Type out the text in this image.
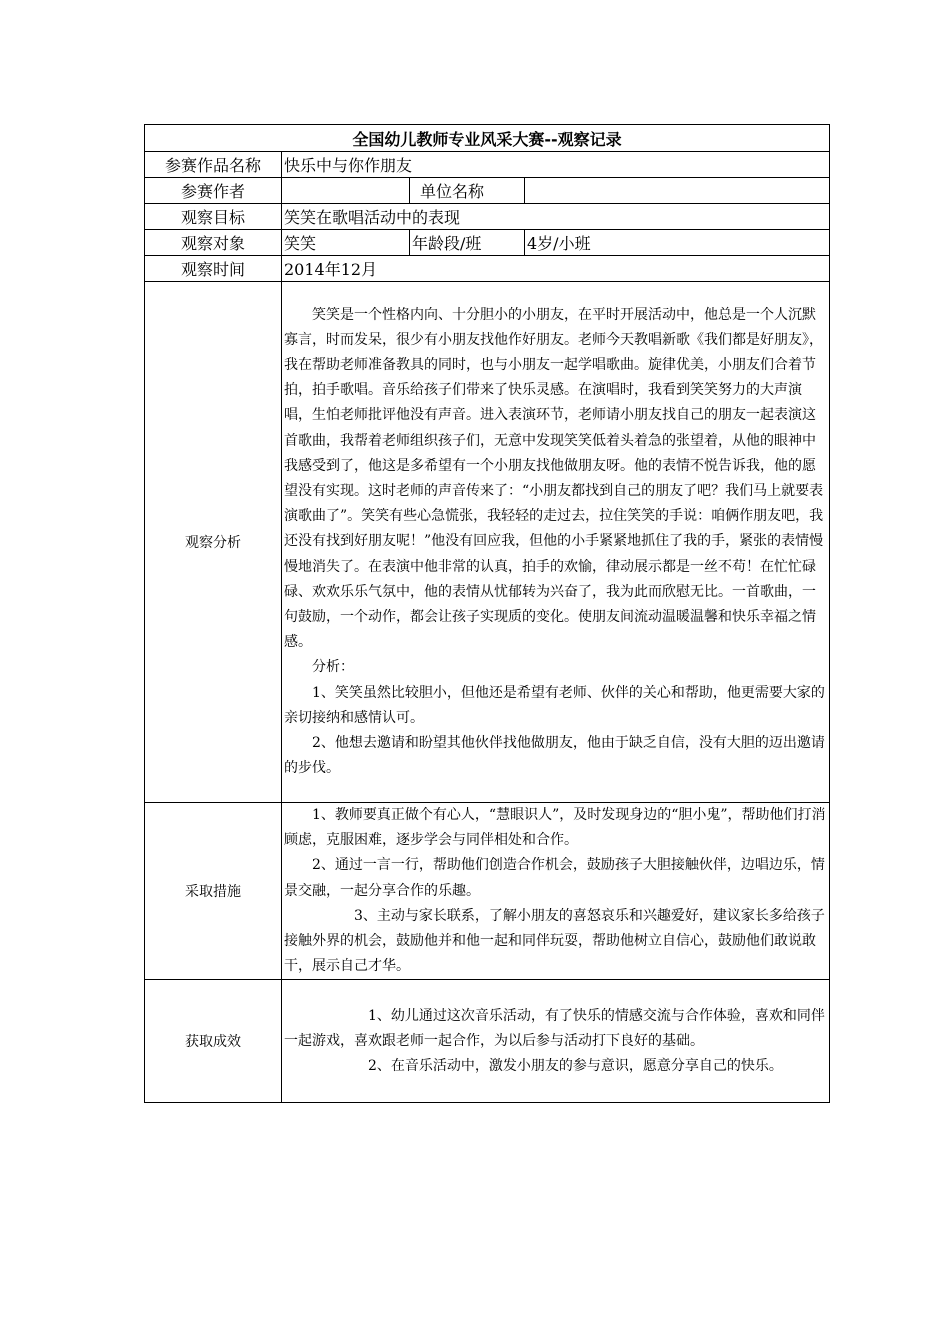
全国幼儿教师专业风采大赛--观察记录			
参赛作品名称	快乐中与你作朋友		
参赛作者		单位名称	
观察目标	笑笑在歌唱活动中的表现		
观察对象	笑笑	年龄段/班	4岁/小班
观察时间	2014年12月		
观察分析	笑笑是一个性格内向、十分胆小的小朋友，在平时开展活动中，他总是一个人沉默寡言，时而发呆，很少有小朋友找他作好朋友。老师今天教唱新歌《我们都是好朋友》，我在帮助老师准备教具的同时，也与小朋友一起学唱歌曲。旋律优美，小朋友们合着节拍，拍手歌唱。音乐给孩子们带来了快乐灵感。在演唱时，我看到笑笑努力的大声演唱，生怕老师批评他没有声音。进入表演环节，老师请小朋友找自己的朋友一起表演这首歌曲，我帮着老师组织孩子们，无意中发现笑笑低着头着急的张望着，从他的眼神中我感受到了，他这是多希望有一个小朋友找他做朋友呀。他的表情不悦告诉我，他的愿望没有实现。这时老师的声音传来了：“小朋友都找到自己的朋友了吧？我们马上就要表演歌曲了”。笑笑有些心急慌张，我轻轻的走过去，拉住笑笑的手说：咱俩作朋友吧，我还没有找到好朋友呢！”他没有回应我，但他的小手紧紧地抓住了我的手，紧张的表情慢慢地消失了。在表演中他非常的认真，拍手的欢愉，律动展示都是一丝不苟！在忙忙碌碌、欢欢乐乐气氛中，他的表情从忧郁转为兴奋了，我为此而欣慰无比。一首歌曲，一句鼓励，一个动作，都会让孩子实现质的变化。使朋友间流动温暖温馨和快乐幸福之情感。

分析：

1、笑笑虽然比较胆小，但他还是希望有老师、伙伴的关心和帮助，他更需要大家的亲切接纳和感情认可。

2、他想去邀请和盼望其他伙伴找他做朋友，他由于缺乏自信，没有大胆的迈出邀请的步伐。		

采取措施	1、教师要真正做个有心人，“慧眼识人”，及时发现身边的“胆小鬼”，帮助他们打消顾虑，克服困难，逐步学会与同伴相处和合作。

2、通过一言一行，帮助他们创造合作机会，鼓励孩子大胆接触伙伴，边唱边乐，情景交融，一起分享合作的乐趣。

3、主动与家长联系，了解小朋友的喜怒哀乐和兴趣爱好，建议家长多给孩子接触外界的机会，鼓励他并和他一起和同伴玩耍，帮助他树立自信心，鼓励他们敢说敢干，展示自己才华。		

获取成效	1、幼儿通过这次音乐活动，有了快乐的情感交流与合作体验，喜欢和同伴一起游戏，喜欢跟老师一起合作，为以后参与活动打下良好的基础。

2、在音乐活动中，激发小朋友的参与意识，愿意分享自己的快乐。		
